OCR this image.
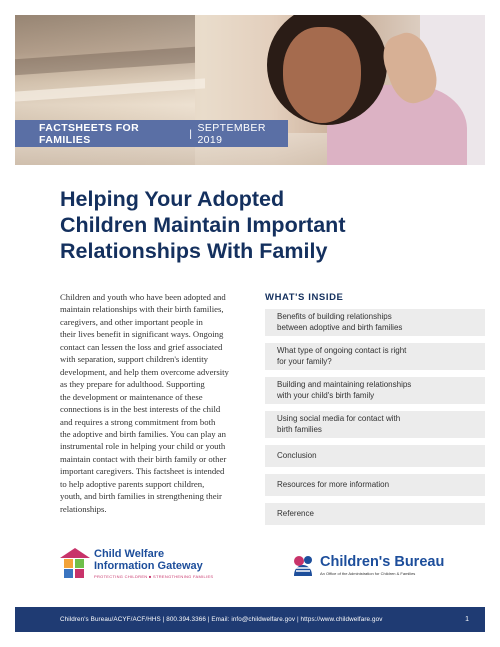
FACTSHEETS FOR FAMILIES	| SEPTEMBER 2019
Helping Your Adopted
Children Maintain Important
Relationships With Family
Children and youth who have been adopted and
maintain relationships with their birth families,
caregivers, and other important people in
their lives benefit in significant ways. Ongoing
contact can lessen the loss and grief associated
with separation, support children's identity
development, and help them overcome adversity
as they prepare for adulthood. Supporting
the development or maintenance of these
connections is in the best interests of the child
and requires a strong commitment from both
the adoptive and birth families. You can play an
instrumental role in helping your child or youth
maintain contact with their birth family or other
important caregivers. This factsheet is intended
to help adoptive parents support children,
youth, and birth families in strengthening their
relationships.

WHAT'S INSIDE
Benefits of building relationships
between adoptive and birth families
What type of ongoing contact is right
for your family?
Building and maintaining relationships
with your child's birth family
Using social media for contact with
birth families
Conclusion
Resources for more information
Reference
Child Welfare
Information Gateway
PROTECTING CHILDREN ■ STRENGTHENING FAMILIES
Children's Bureau
An Office of the Administration for Children & Families
Children's Bureau/ACYF/ACF/HHS | 800.394.3366 | Email: info@childwelfare.gov | https://www.childwelfare.gov	1
